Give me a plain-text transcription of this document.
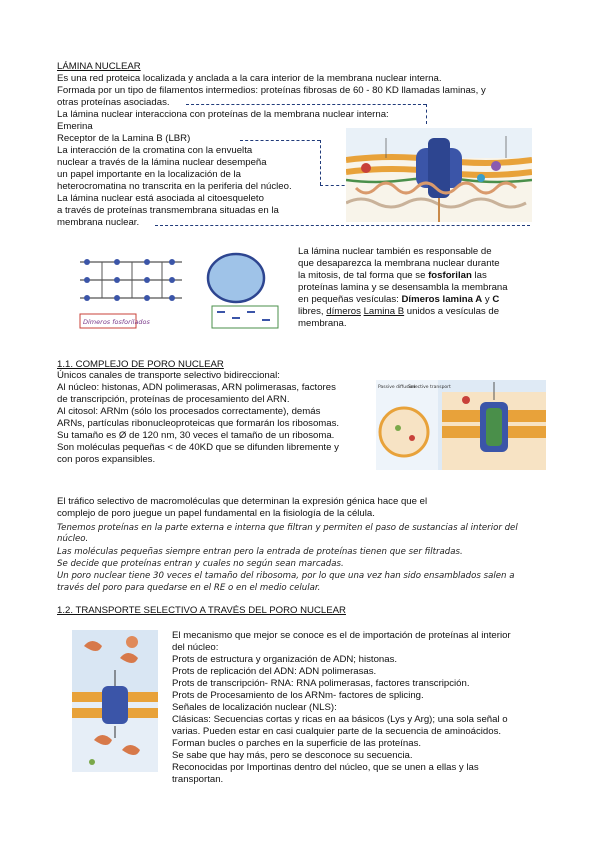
LÁMINA NUCLEAR
Es una red proteica localizada y anclada a la cara interior de la membrana nuclear interna.
Formada por un tipo de filamentos intermedios: proteínas fibrosas de 60 - 80 KD llamadas laminas, y
otras proteínas asociadas.
La lámina nuclear interacciona con proteínas de la membrana nuclear interna:
Emerina
Receptor de la Lamina B (LBR)
La interacción de la cromatina con la envuelta
nuclear a través de la lámina nuclear desempeña
un papel importante en la localización de la
heterocromatina no transcrita en la periferia del núcleo.
La lámina nuclear está asociada al citoesqueleto
a través de proteínas transmembrana situadas en la
membrana nuclear.
Dímeros fosforilados
La lámina nuclear también es responsable de
que desaparezca la membrana nuclear durante
la mitosis, de tal forma que se fosforilan las
proteínas lamina y se desensambla la membrana
en pequeñas vesículas: Dímeros lamina A y C
libres, dímeros Lamina B unidos a vesículas de
membrana.
1.1. COMPLEJO DE PORO NUCLEAR
Únicos canales de transporte selectivo bidireccional:
Al núcleo: histonas, ADN polimerasas, ARN polimerasas, factores
de transcripción, proteínas de procesamiento del ARN.
Al citosol: ARNm (sólo los procesados correctamente), demás
ARNs, partículas ribonucleoproteicas que formarán los ribosomas.
Su tamaño es Ø de 120 nm, 30 veces el tamaño de un ribosoma.
Son moléculas pequeñas < de 40KD que se difunden libremente y
con poros expansibles.
Passive diffusion
Selective transport
El tráfico selectivo de macromoléculas que determinan la expresión génica hace que el
complejo de poro juegue un papel fundamental en la fisiología de la célula.
Tenemos proteínas en la parte externa e interna que filtran y permiten el paso de sustancias al interior del
núcleo.
Las moléculas pequeñas siempre entran pero la entrada de proteínas tienen que ser filtradas.
Se decide que proteínas entran y cuales no según sean marcadas.
Un poro nuclear tiene 30 veces el tamaño del ribosoma, por lo que una vez han sido ensamblados salen a
través del poro para quedarse en el RE o en el medio celular.
1.2. TRANSPORTE SELECTIVO A TRAVÉS DEL PORO NUCLEAR
El mecanismo que mejor se conoce es el de importación de proteínas al interior
del núcleo:
Prots de estructura y organización de ADN; histonas.
Prots de replicación del ADN: ADN polimerasas.
Prots de transcripción- RNA: RNA polimerasas, factores transcripción.
Prots de Procesamiento de los ARNm- factores de splicing.
Señales de localización nuclear (NLS):
Clásicas: Secuencias cortas y ricas en aa básicos (Lys y Arg); una sola señal o
varias. Pueden estar en casi cualquier parte de la secuencia de aminoácidos.
Forman bucles o parches en la superficie de las proteínas.
Se sabe que hay más, pero se desconoce su secuencia.
Reconocidas por Importinas dentro del núcleo, que se unen a ellas y las
transportan.
